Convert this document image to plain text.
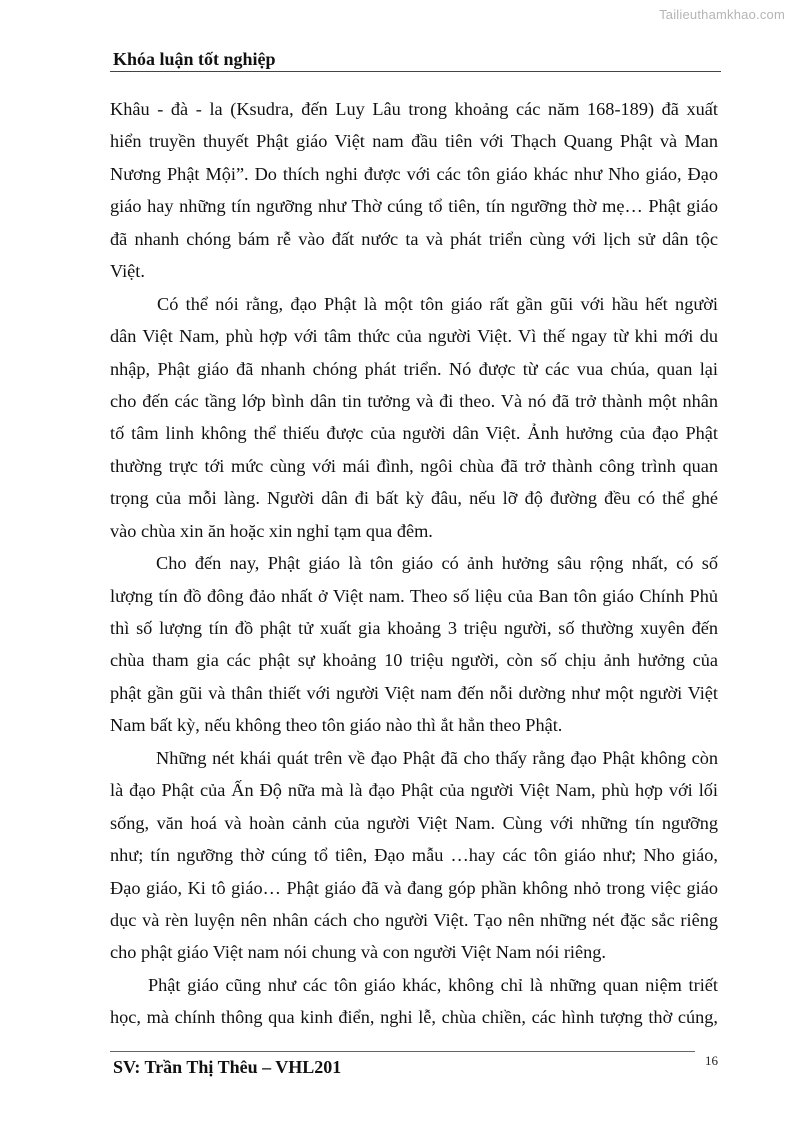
Tailieuthamkhao.com
Khóa luận tốt nghiệp
Khâu - đà - la (Ksudra, đến Luy Lâu trong khoảng các năm 168-189) đã xuất
hiển truyền thuyết Phật giáo Việt nam đầu tiên với Thạch Quang Phật và Man
Nương Phật Mội”. Do thích nghi được với các tôn giáo khác như Nho giáo, Đạo
giáo hay những tín ngưỡng như Thờ cúng tổ tiên, tín ngưỡng thờ mẹ… Phật giáo
đã nhanh chóng bám rễ vào đất nước ta và phát triển cùng với lịch sử dân tộc
Việt.
Có thể nói rằng, đạo Phật là một tôn giáo rất gần gũi với hầu hết người
dân Việt Nam, phù hợp với tâm thức của người Việt. Vì thế ngay từ khi mới du
nhập, Phật giáo đã nhanh chóng phát triển. Nó được từ các vua chúa, quan lại
cho đến các tầng lớp bình dân tin tưởng và đi theo. Và nó đã trở thành một nhân
tố tâm linh không thể thiếu được của người dân Việt. Ảnh hưởng của đạo Phật
thường trực tới mức cùng với mái đình, ngôi chùa đã trở thành công trình quan
trọng của mỗi làng. Người dân đi bất kỳ đâu, nếu lỡ độ đường đều có thể ghé
vào chùa xin ăn hoặc xin nghỉ tạm qua đêm.
Cho đến nay, Phật giáo là tôn giáo có ảnh hưởng sâu rộng nhất, có số
lượng tín đồ đông đảo nhất ở Việt nam. Theo số liệu của Ban tôn giáo Chính Phủ
thì số lượng tín đồ phật tử xuất gia khoảng 3 triệu người, số thường xuyên đến
chùa tham gia các phật sự khoảng 10 triệu người, còn số chịu ảnh hưởng của
phật gần gũi và thân thiết với người Việt nam đến nỗi dường như một người Việt
Nam bất kỳ, nếu không theo tôn giáo nào thì ắt hẳn theo Phật.
Những nét khái quát trên về đạo Phật đã cho thấy rằng đạo Phật không còn
là đạo Phật của Ấn Độ nữa mà là đạo Phật của người Việt Nam, phù hợp với lối
sống, văn hoá và hoàn cảnh của người Việt Nam. Cùng với những tín ngưỡng
như; tín ngưỡng thờ cúng tổ tiên, Đạo mẫu …hay các tôn giáo như; Nho giáo,
Đạo giáo, Ki tô giáo… Phật giáo đã và đang góp phần không nhỏ trong việc giáo
dục và rèn luyện nên nhân cách cho người Việt. Tạo nên những nét đặc sắc riêng
cho phật giáo Việt nam nói chung và con người Việt Nam nói riêng.
Phật giáo cũng như các tôn giáo khác, không chỉ là những quan niệm triết
học, mà chính thông qua kinh điển, nghi lễ, chùa chiền, các hình tượng thờ cúng,
SV: Trần Thị Thêu – VHL201	16
